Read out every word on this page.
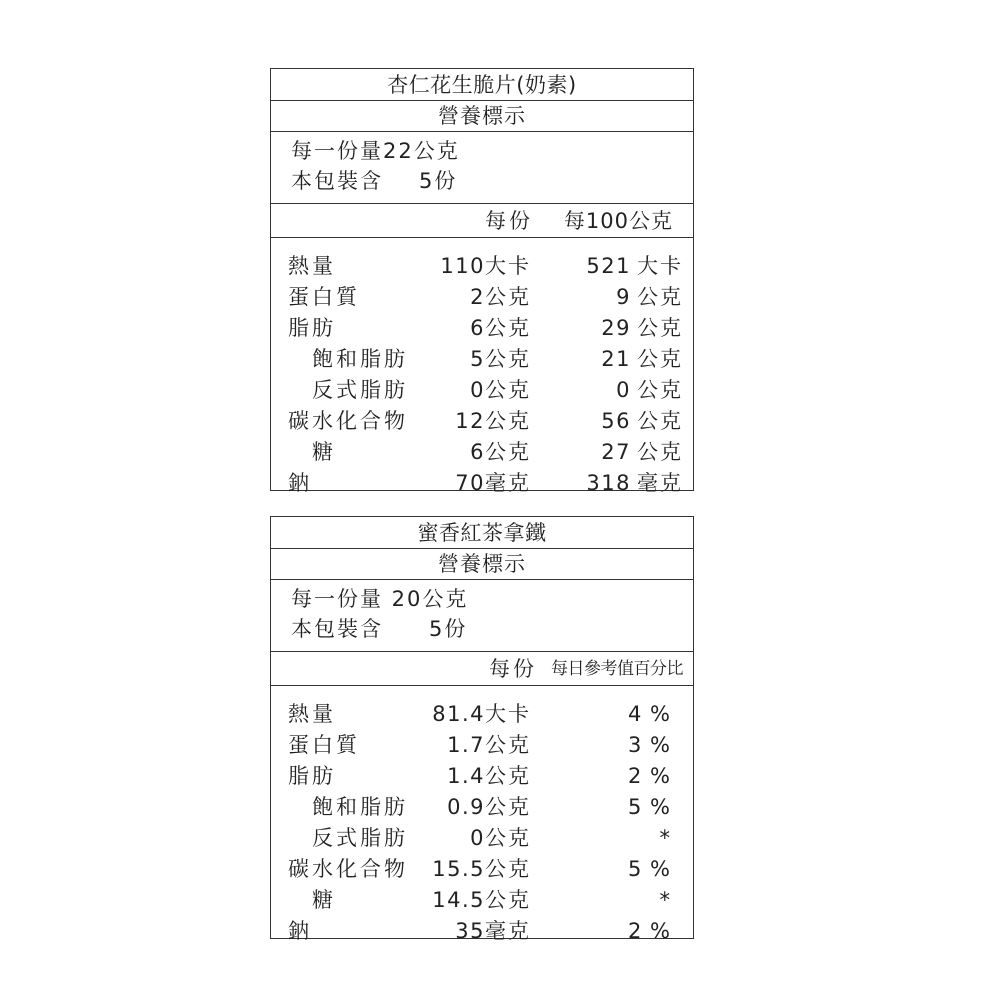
杏仁花生脆片(奶素)
營養標示
每一份量22公克
本包裝含 5份
每份 每100公克
熱量	110 大卡	521 大卡
蛋白質	2 公克	9 公克
脂肪	6 公克	29 公克
飽和脂肪	5 公克	21 公克
反式脂肪	0 公克	0 公克
碳水化合物 12 公克	56 公克
糖	6 公克	27 公克
鈉	70 毫克	318 毫克
蜜香紅茶拿鐵
營養標示
每一份量 20公克
本包裝含 5份
每份 每日參考值百分比
熱量	81.4 大卡	4 %
蛋白質	1.7 公克	3 %
脂肪	1.4 公克	2 %
飽和脂肪 0.9 公克	5 %
反式脂肪	0 公克	*
碳水化合物 15.5 公克	5 %
糖	14.5 公克	*
鈉	35 毫克	2 %
